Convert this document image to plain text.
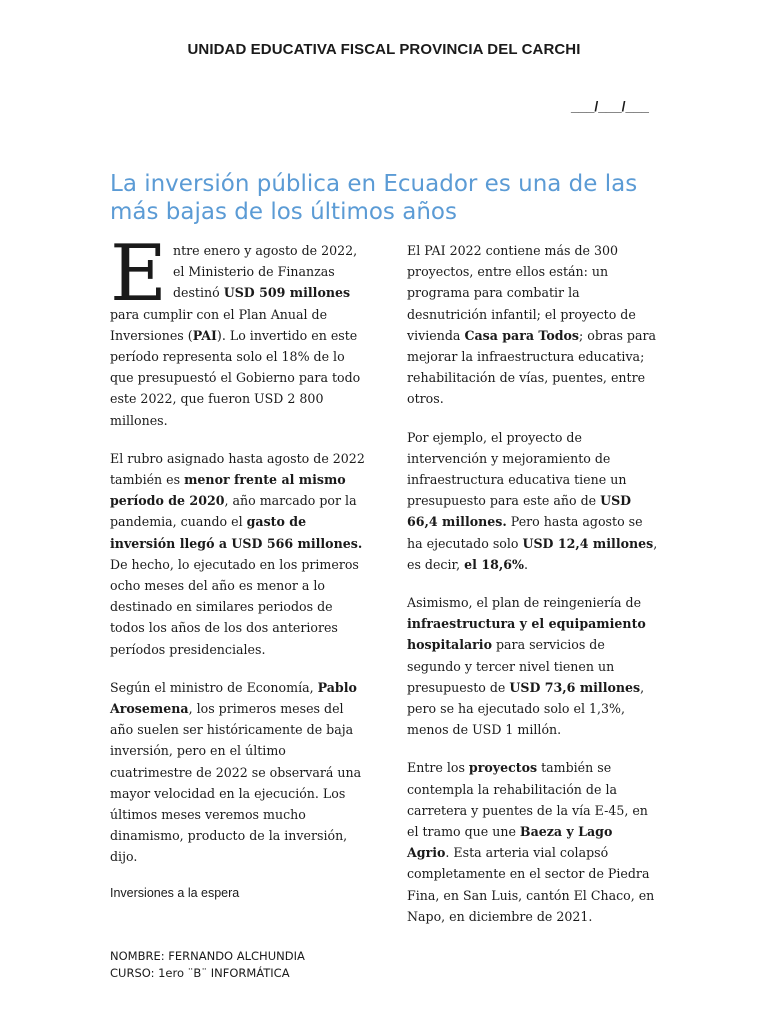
UNIDAD EDUCATIVA FISCAL PROVINCIA DEL CARCHI
___/___/___
La inversión pública en Ecuador es una de las más bajas de los últimos años

Entre enero y agosto de 2022, el Ministerio de Finanzas destinó USD 509 millones para cumplir con el Plan Anual de Inversiones (PAI). Lo invertido en este período representa solo el 18% de lo que presupuestó el Gobierno para todo este 2022, que fueron USD 2 800 millones.

El rubro asignado hasta agosto de 2022 también es menor frente al mismo período de 2020, año marcado por la pandemia, cuando el gasto de inversión llegó a USD 566 millones. De hecho, lo ejecutado en los primeros ocho meses del año es menor a lo destinado en similares periodos de todos los años de los dos anteriores períodos presidenciales.

Según el ministro de Economía, Pablo Arosemena, los primeros meses del año suelen ser históricamente de baja inversión, pero en el último cuatrimestre de 2022 se observará una mayor velocidad en la ejecución. Los últimos meses veremos mucho dinamismo, producto de la inversión, dijo.

Inversiones a la espera

El PAI 2022 contiene más de 300 proyectos, entre ellos están: un programa para combatir la desnutrición infantil; el proyecto de vivienda Casa para Todos; obras para mejorar la infraestructura educativa; rehabilitación de vías, puentes, entre otros.

Por ejemplo, el proyecto de intervención y mejoramiento de infraestructura educativa tiene un presupuesto para este año de USD 66,4 millones. Pero hasta agosto se ha ejecutado solo USD 12,4 millones, es decir, el 18,6%.

Asimismo, el plan de reingeniería de infraestructura y el equipamiento hospitalario para servicios de segundo y tercer nivel tienen un presupuesto de USD 73,6 millones, pero se ha ejecutado solo el 1,3%, menos de USD 1 millón.

Entre los proyectos también se contempla la rehabilitación de la carretera y puentes de la vía E-45, en el tramo que une Baeza y Lago Agrio. Esta arteria vial colapsó completamente en el sector de Piedra Fina, en San Luis, cantón El Chaco, en Napo, en diciembre de 2021.

NOMBRE: FERNANDO ALCHUNDIA
CURSO: 1ero ¨B¨ INFORMÁTICA
